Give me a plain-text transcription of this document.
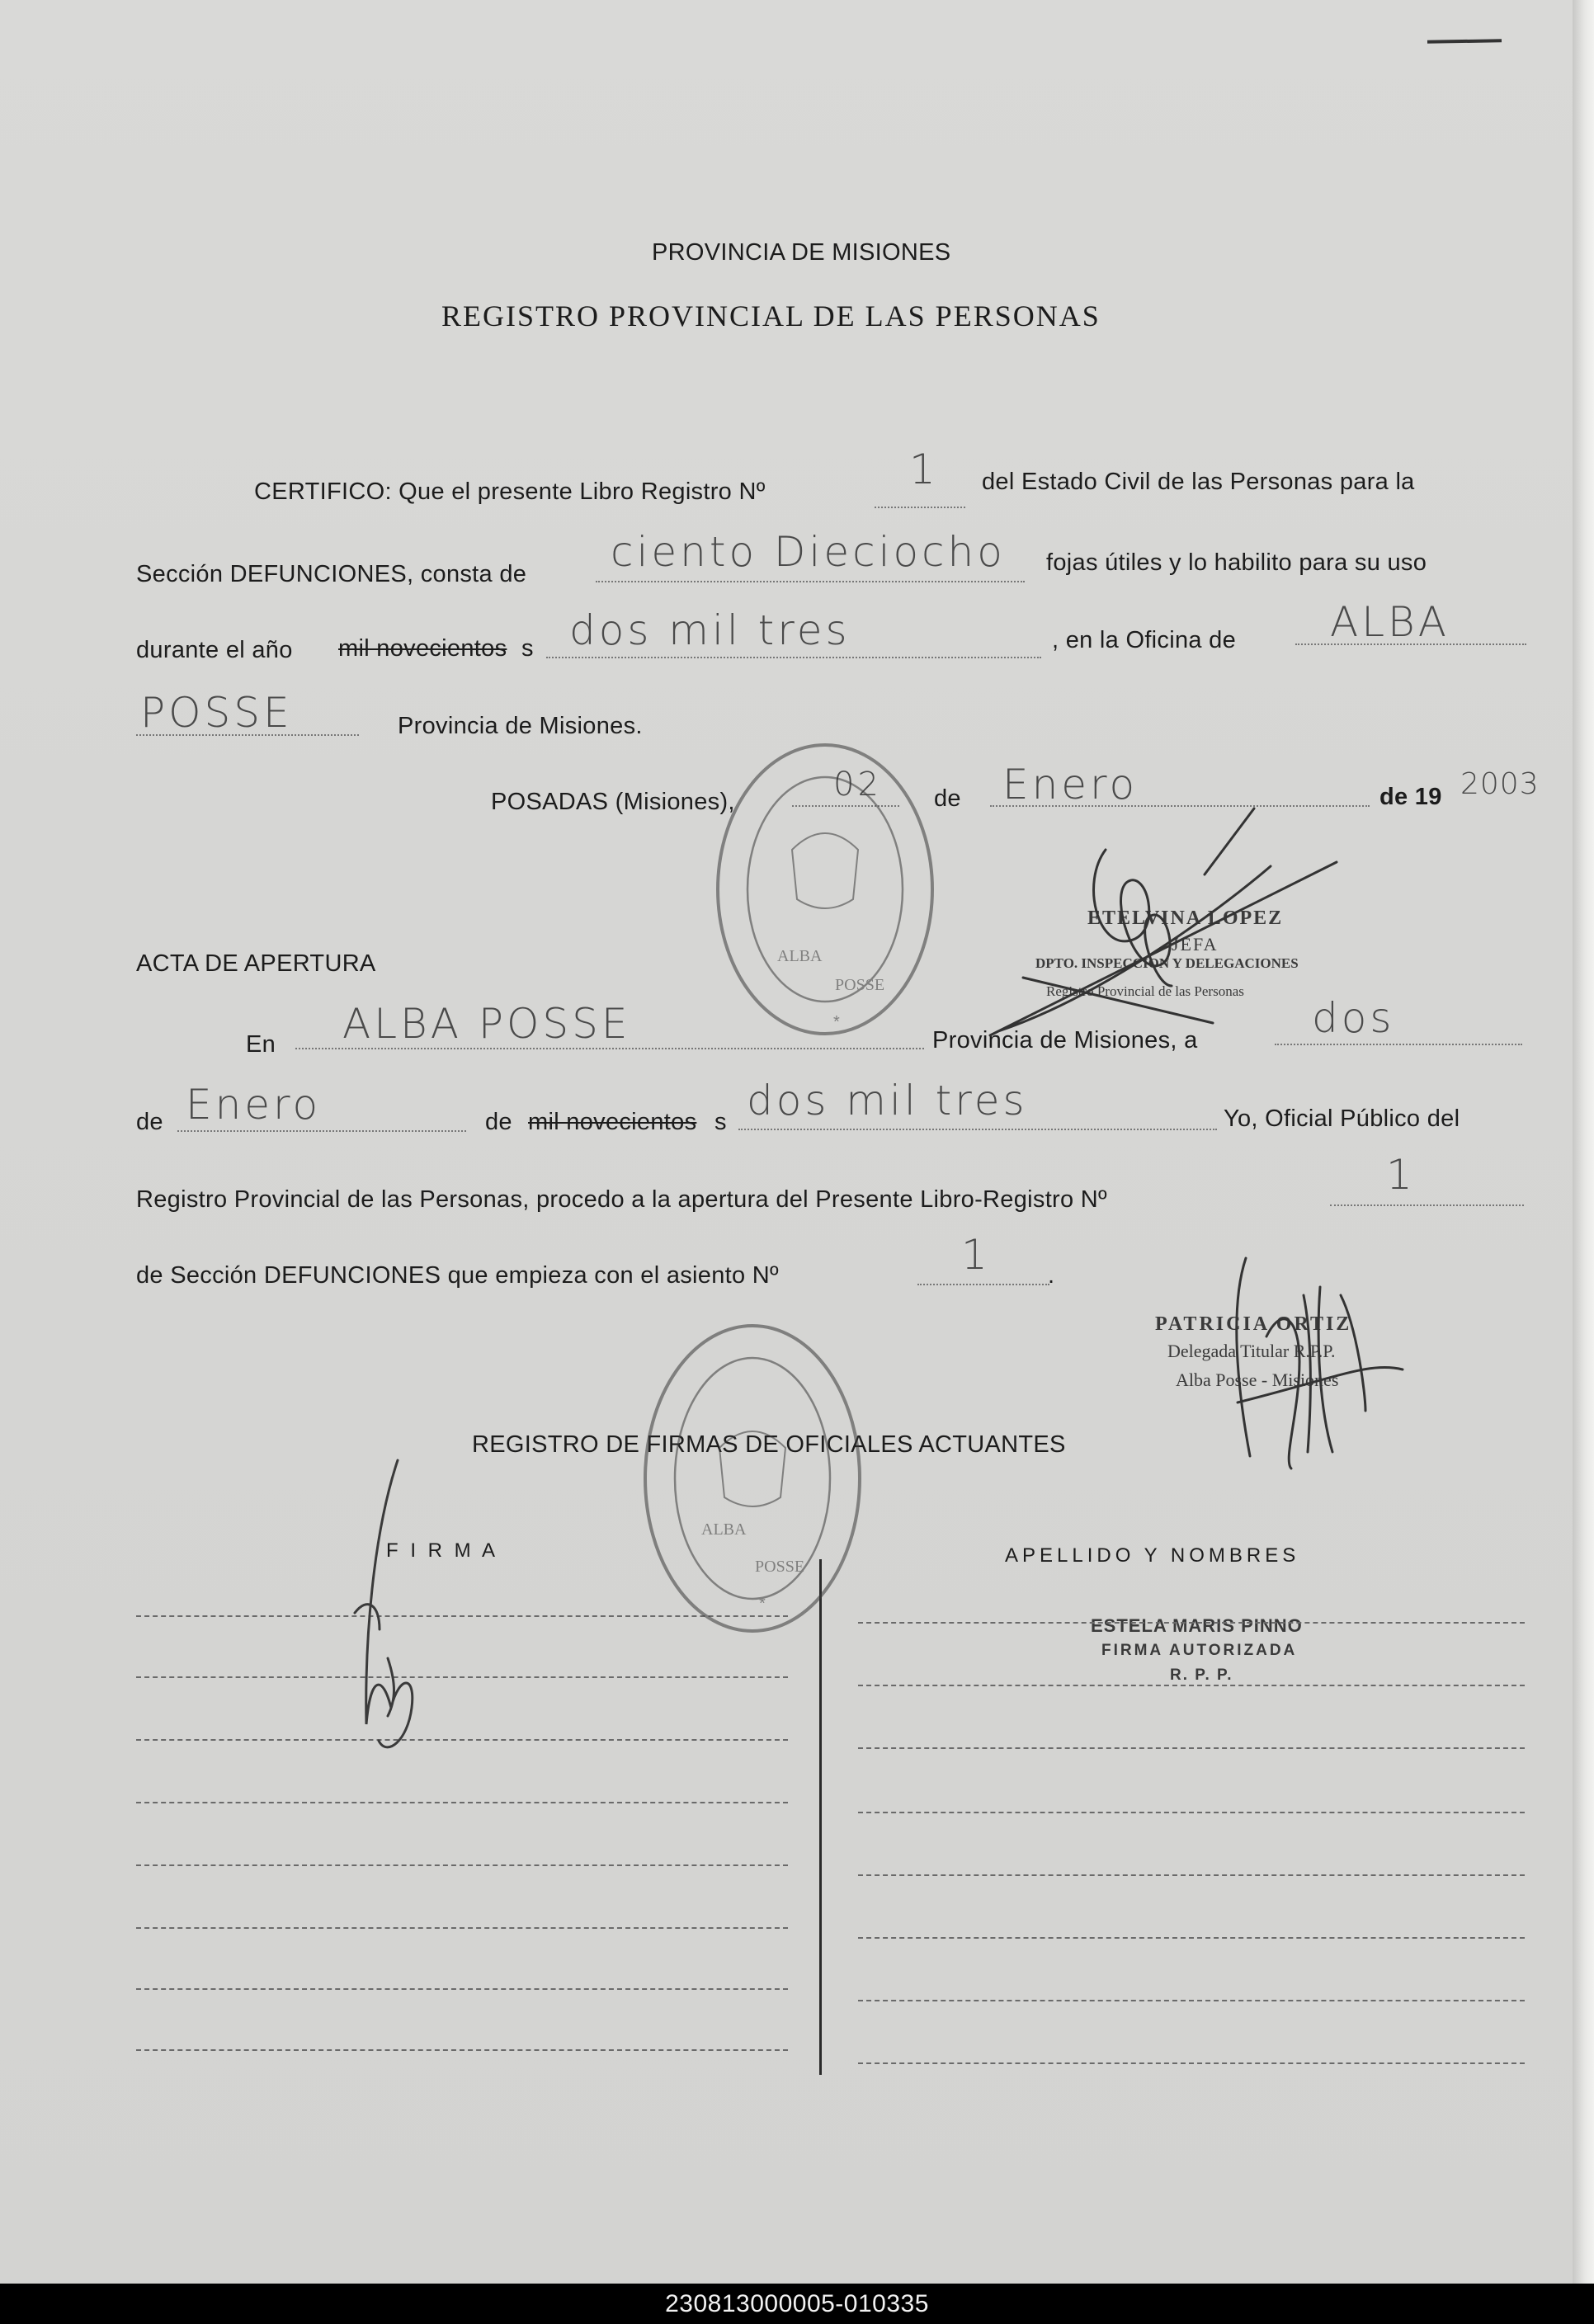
PROVINCIA DE MISIONES
REGISTRO PROVINCIAL DE LAS PERSONAS
CERTIFICO: Que el presente Libro Registro Nº	1 del Estado Civil de las Personas para la
Sección DEFUNCIONES, consta de ciento Dieciocho fojas útiles y lo habilito para su uso
durante el año mil novecientos s dos mil tres	, en la Oficina de ALBA
POSSE	Provincia de Misiones.
POSADAS (Misiones),	02 de Enero	de 19 2003
ETELVINA LOPEZ
JEFA
DPTO. INSPECCION Y DELEGACIONES
Registro Provincial de las Personas
ACTA DE APERTURA
En ALBA POSSE	Provincia de Misiones, a	dos
de Enero	de mil novecientos s dos mil tres	Yo, Oficial Público del
Registro Provincial de las Personas, procedo a la apertura del Presente Libro-Registro Nº
1
de Sección DEFUNCIONES que empieza con el asiento Nº	1 .
PATRICIA ORTIZ
Delegada Titular R.P.P.
Alba Posse - Misiones
REGISTRO DE FIRMAS DE OFICIALES ACTUANTES
F I R M A	APELLIDO Y NOMBRES
ESTELA MARIS PINNO
FIRMA AUTORIZADA
R. P. P.
ALBA
POSSE
*
ALBA
POSSE
*
230813000005-010335
